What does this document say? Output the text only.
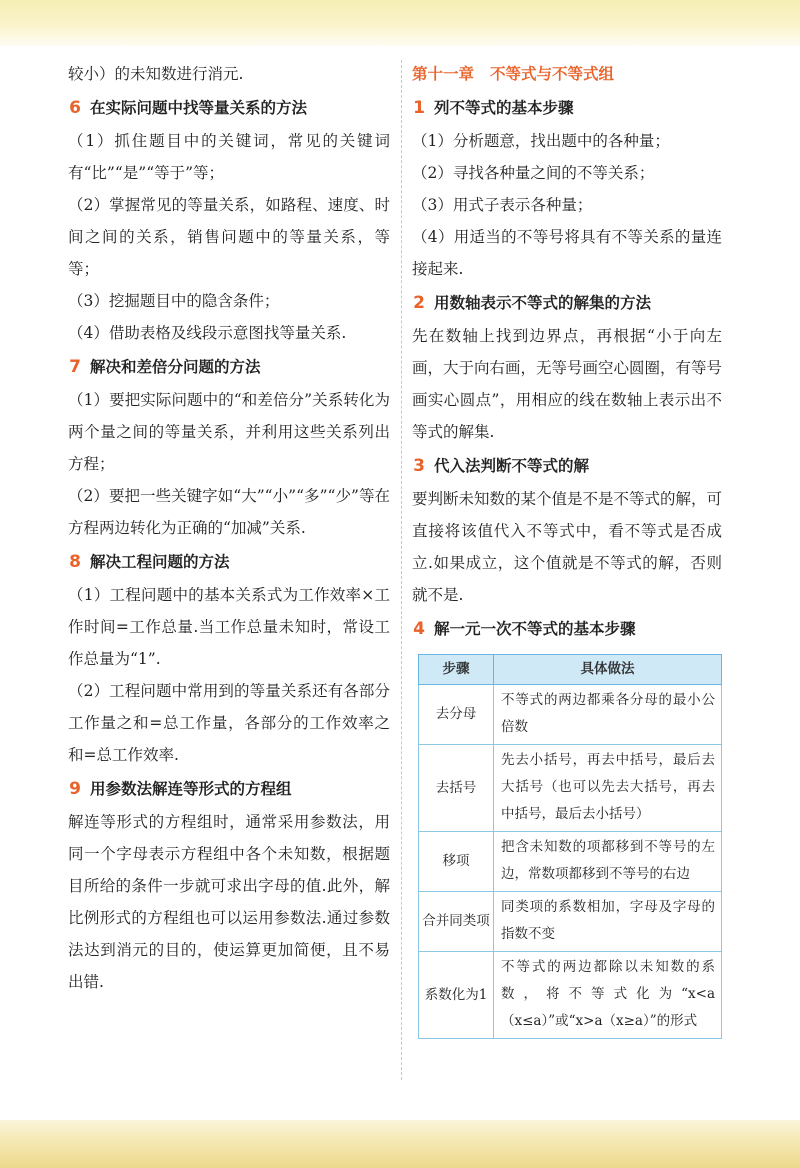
较小）的未知数进行消元.

6 在实际问题中找等量关系的方法

（1）抓住题目中的关键词，常见的关键词有“比”“是”“等于”等；

（2）掌握常见的等量关系，如路程、速度、时间之间的关系，销售问题中的等量关系，等等；

（3）挖掘题目中的隐含条件；

（4）借助表格及线段示意图找等量关系.

7 解决和差倍分问题的方法

（1）要把实际问题中的“和差倍分”关系转化为两个量之间的等量关系，并利用这些关系列出方程；

（2）要把一些关键字如“大”“小”“多”“少”等在方程两边转化为正确的“加减”关系.

8 解决工程问题的方法

（1）工程问题中的基本关系式为工作效率×工作时间=工作总量.当工作总量未知时，常设工作总量为“1”.

（2）工程问题中常用到的等量关系还有各部分工作量之和=总工作量，各部分的工作效率之和=总工作效率.

9 用参数法解连等形式的方程组

解连等形式的方程组时，通常采用参数法，用同一个字母表示方程组中各个未知数，根据题目所给的条件一步就可求出字母的值.此外，解比例形式的方程组也可以运用参数法.通过参数法达到消元的目的，使运算更加简便，且不易出错.

第十一章 不等式与不等式组

1 列不等式的基本步骤

（1）分析题意，找出题中的各种量；

（2）寻找各种量之间的不等关系；

（3）用式子表示各种量；

（4）用适当的不等号将具有不等关系的量连接起来.

2 用数轴表示不等式的解集的方法

先在数轴上找到边界点，再根据“小于向左画，大于向右画，无等号画空心圆圈，有等号画实心圆点”，用相应的线在数轴上表示出不等式的解集.

3 代入法判断不等式的解

要判断未知数的某个值是不是不等式的解，可直接将该值代入不等式中，看不等式是否成立.如果成立，这个值就是不等式的解，否则就不是.

4 解一元一次不等式的基本步骤
步骤	具体做法
去分母	不等式的两边都乘各分母的最小公倍数
去括号	先去小括号，再去中括号，最后去大括号（也可以先去大括号，再去中括号，最后去小括号）
移项	把含未知数的项都移到不等号的左边，常数项都移到不等号的右边
合并同类项	同类项的系数相加，字母及字母的指数不变
系数化为1	不等式的两边都除以未知数的系数，将不等式化为“x<a（x≤a）”或“x>a（x≥a）”的形式
